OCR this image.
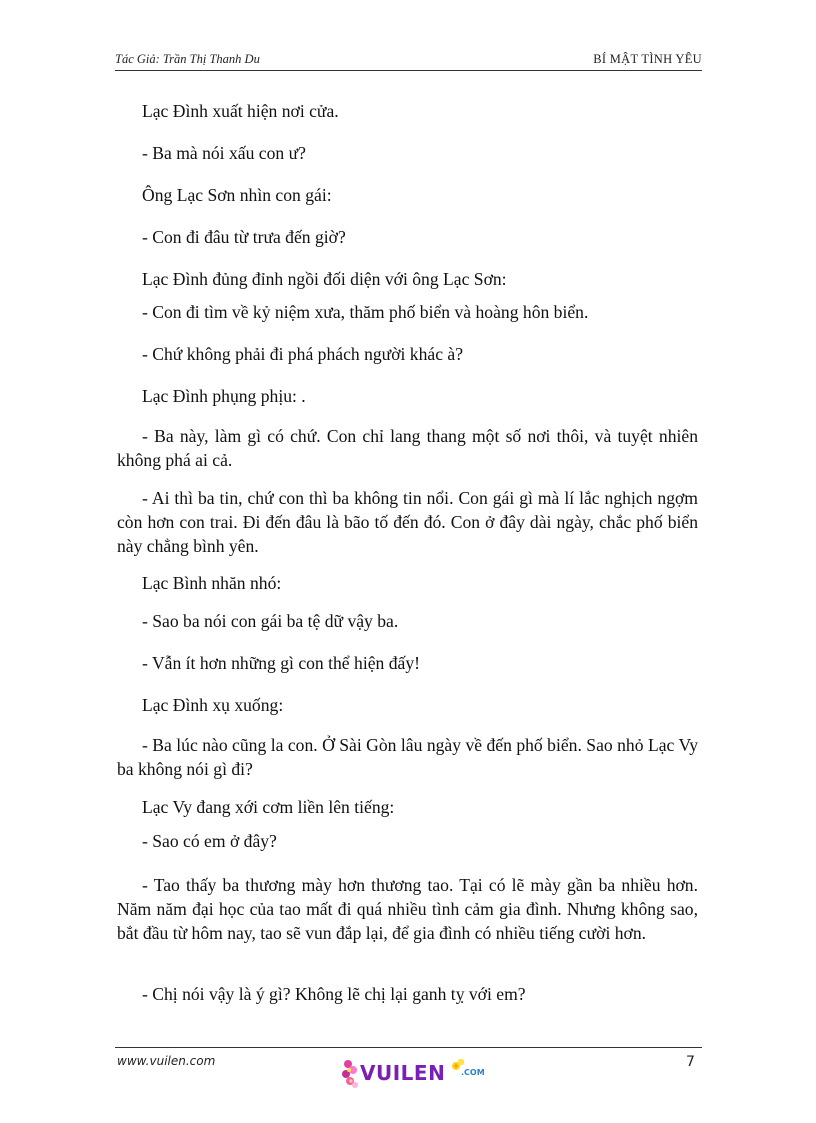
Tác Giả: Trần Thị Thanh Du	BÍ MẬT TÌNH YÊU

Lạc Đình xuất hiện nơi cửa.

- Ba mà nói xấu con ư?

Ông Lạc Sơn nhìn con gái:

- Con đi đâu từ trưa đến giờ?

Lạc Đình đủng đỉnh ngồi đối diện với ông Lạc Sơn:

- Con đi tìm về kỷ niệm xưa, thăm phố biển và hoàng hôn biển.

- Chứ không phải đi phá phách người khác à?

Lạc Đình phụng phịu: .

- Ba này, làm gì có chứ. Con chỉ lang thang một số nơi thôi, và tuyệt nhiên không phá ai cả.

- Ai thì ba tin, chứ con thì ba không tin nổi. Con gái gì mà lí lắc nghịch ngợm còn hơn con trai. Đi đến đâu là bão tố đến đó. Con ở đây dài ngày, chắc phố biển này chẳng bình yên.

Lạc Bình nhăn nhó:

- Sao ba nói con gái ba tệ dữ vậy ba.

- Vẫn ít hơn những gì con thể hiện đấy!

Lạc Đình xụ xuống:

- Ba lúc nào cũng la con. Ở Sài Gòn lâu ngày về đến phố biển. Sao nhỏ Lạc Vy ba không nói gì đi?

Lạc Vy đang xới cơm liền lên tiếng:

- Sao có em ở đây?

- Tao thấy ba thương mày hơn thương tao. Tại có lẽ mày gần ba nhiều hơn. Năm năm đại học của tao mất đi quá nhiều tình cảm gia đình. Nhưng không sao, bắt đầu từ hôm nay, tao sẽ vun đắp lại, để gia đình có nhiều tiếng cười hơn.

- Chị nói vậy là ý gì? Không lẽ chị lại ganh tỵ với em?

www.vuilen.com	VUILEN .COM
7
